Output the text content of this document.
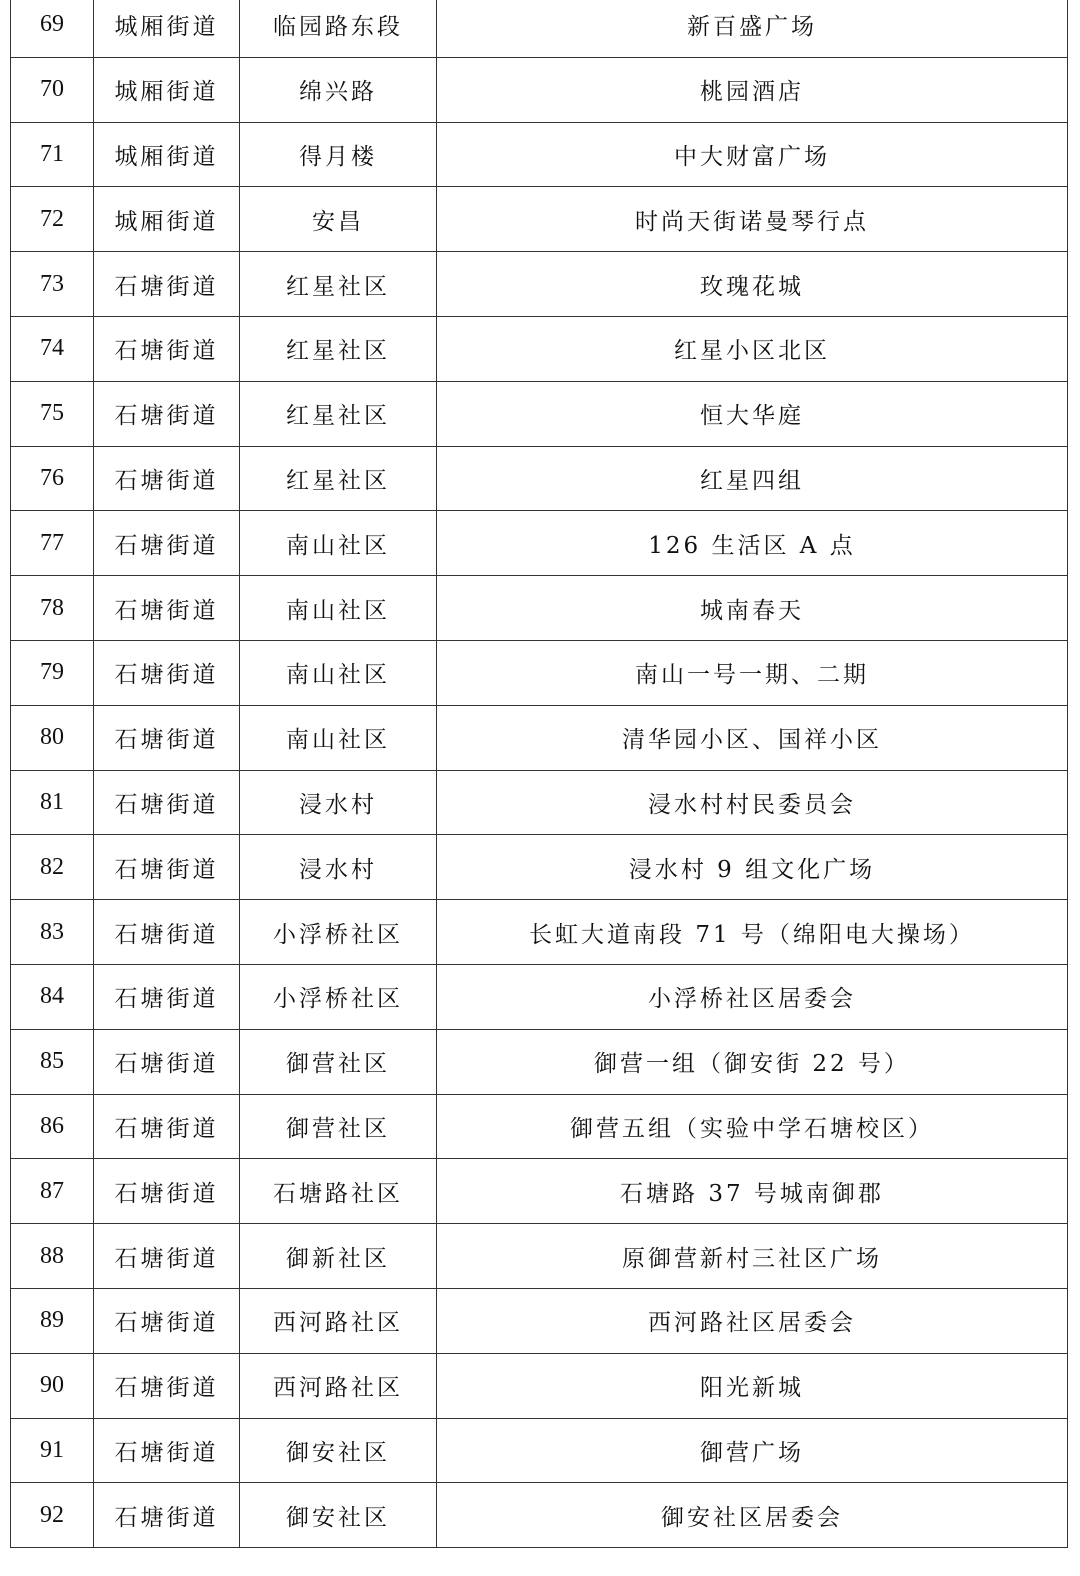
69	城厢街道	临园路东段	新百盛广场
70	城厢街道	绵兴路	桃园酒店
71	城厢街道	得月楼	中大财富广场
72	城厢街道	安昌	时尚天街诺曼琴行点
73	石塘街道	红星社区	玫瑰花城
74	石塘街道	红星社区	红星小区北区
75	石塘街道	红星社区	恒大华庭
76	石塘街道	红星社区	红星四组
77	石塘街道	南山社区	126 生活区 A 点
78	石塘街道	南山社区	城南春天
79	石塘街道	南山社区	南山一号一期、二期
80	石塘街道	南山社区	清华园小区、国祥小区
81	石塘街道	浸水村	浸水村村民委员会
82	石塘街道	浸水村	浸水村 9 组文化广场
83	石塘街道	小浮桥社区	长虹大道南段 71 号（绵阳电大操场）
84	石塘街道	小浮桥社区	小浮桥社区居委会
85	石塘街道	御营社区	御营一组（御安街 22 号）
86	石塘街道	御营社区	御营五组（实验中学石塘校区）
87	石塘街道	石塘路社区	石塘路 37 号城南御郡
88	石塘街道	御新社区	原御营新村三社区广场
89	石塘街道	西河路社区	西河路社区居委会
90	石塘街道	西河路社区	阳光新城
91	石塘街道	御安社区	御营广场
92	石塘街道	御安社区	御安社区居委会
